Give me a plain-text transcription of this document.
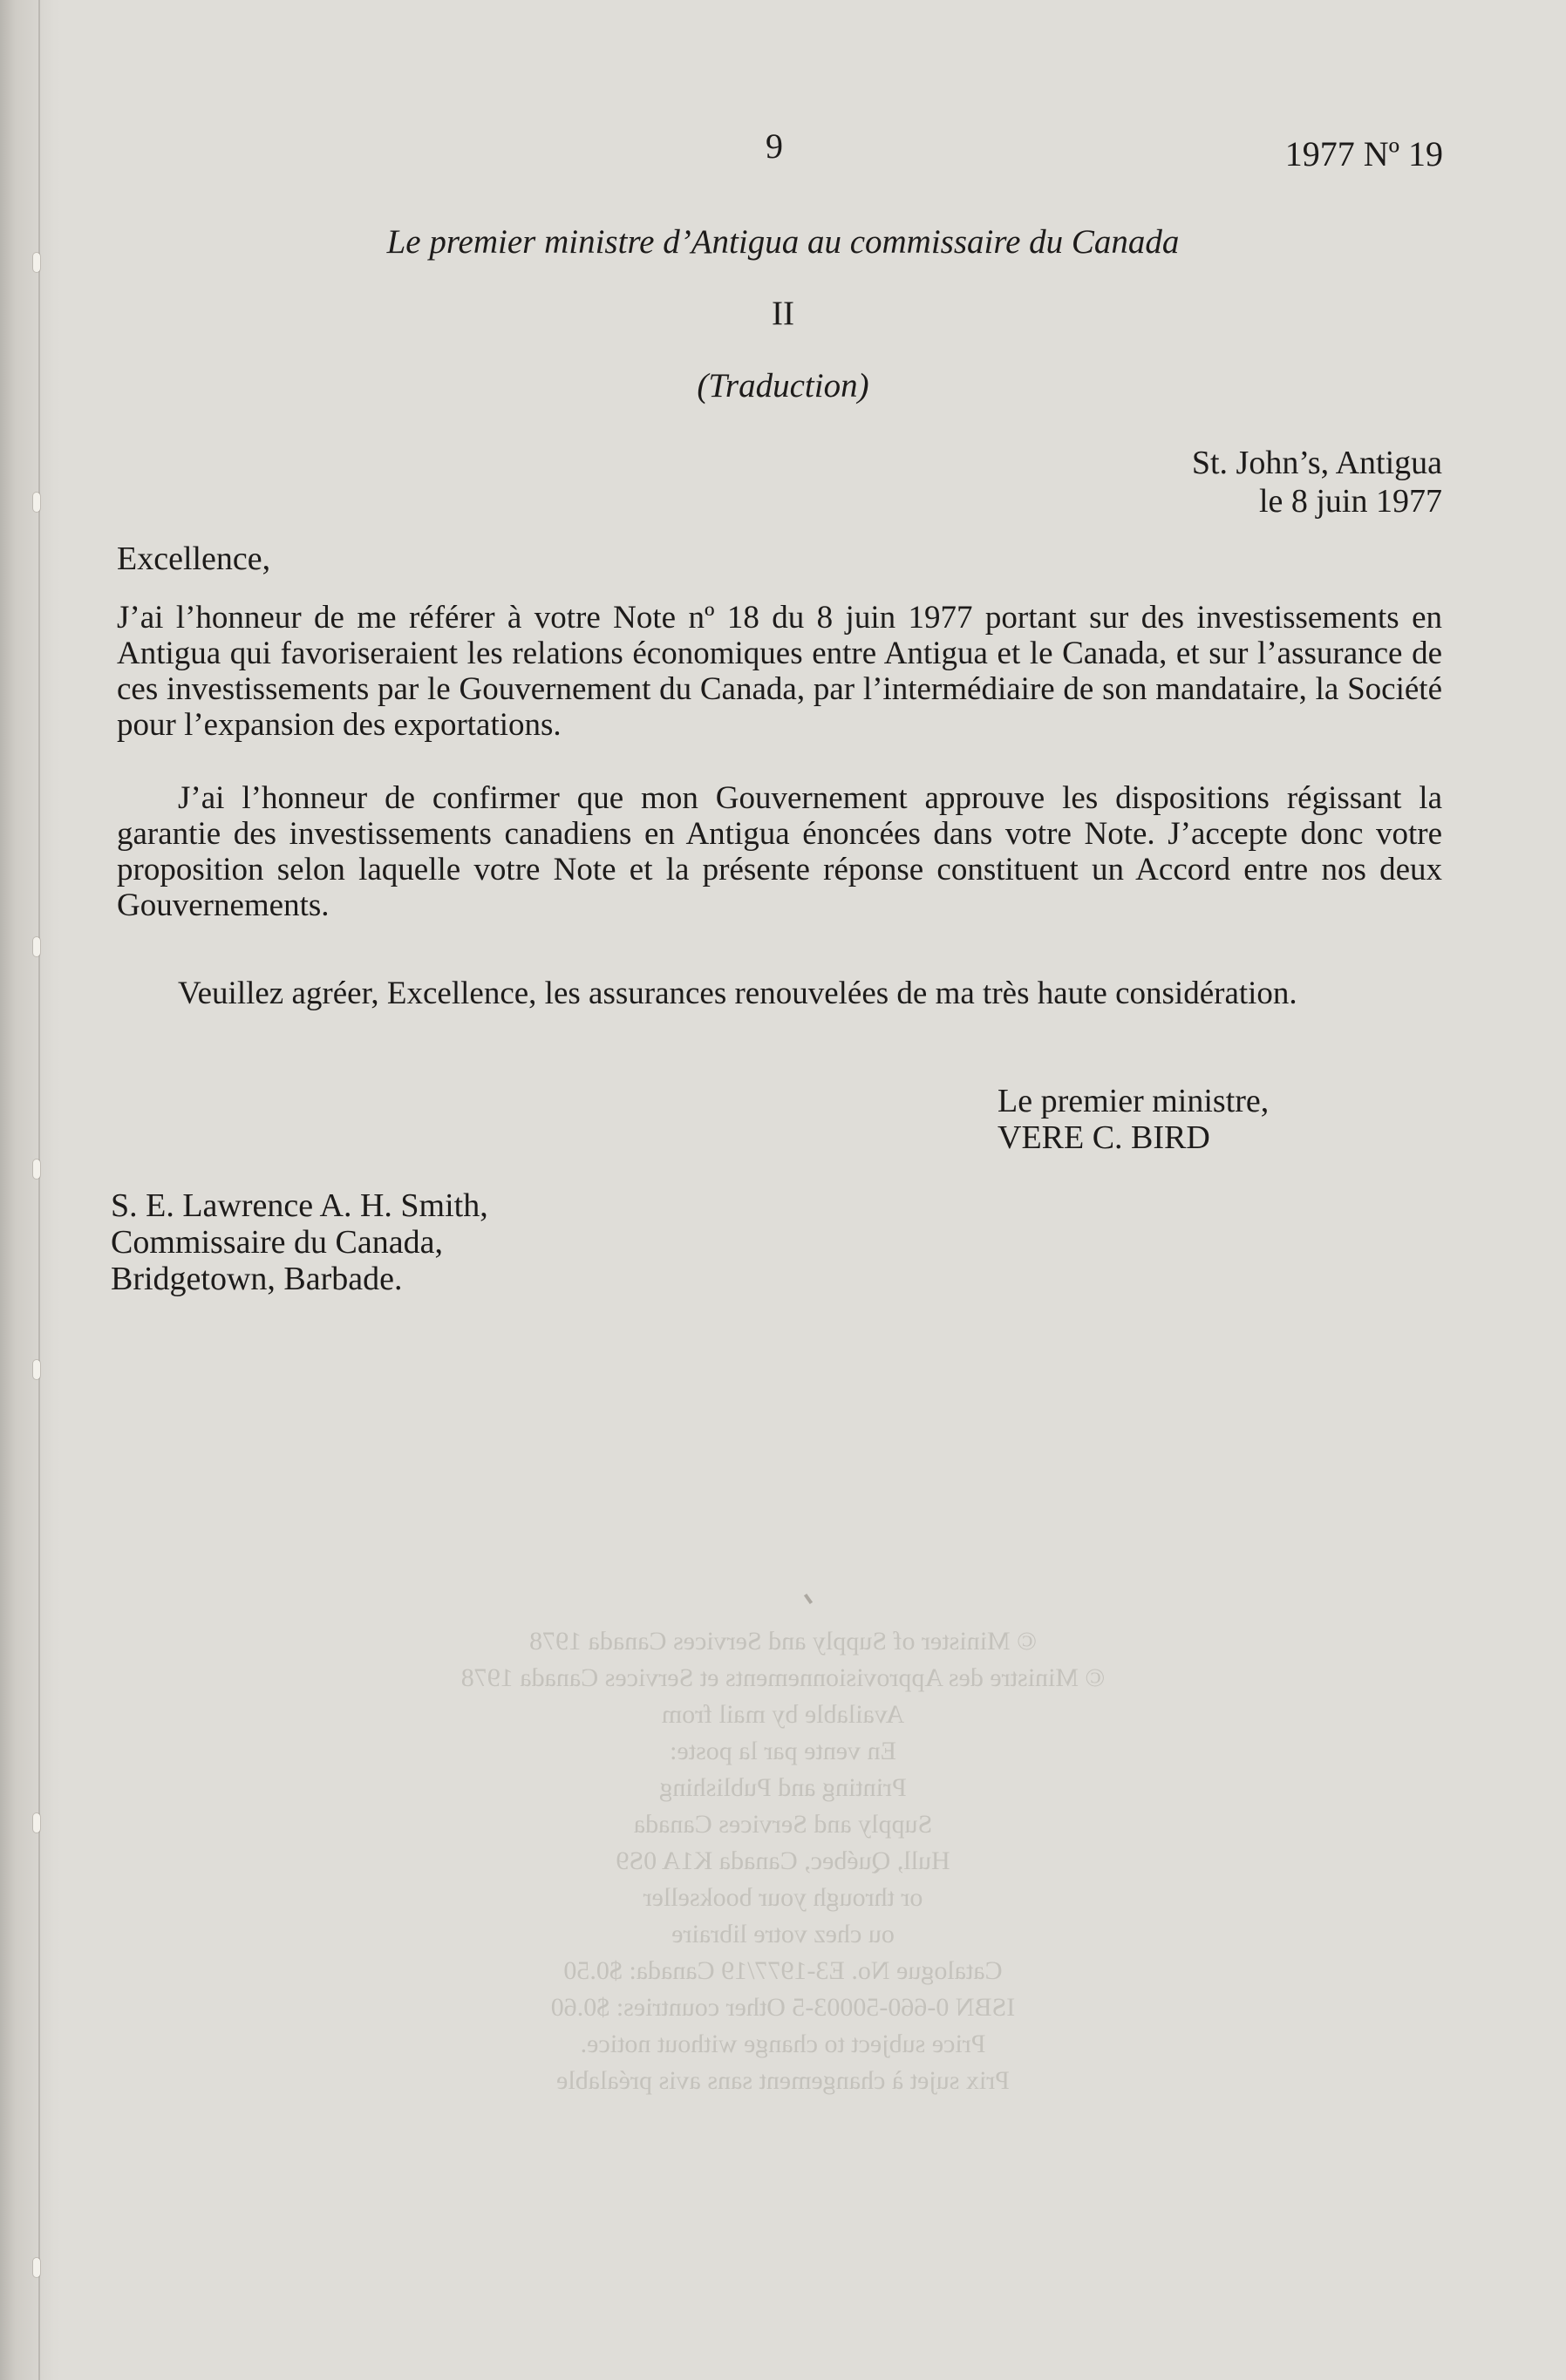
9	1977 Nº 19
Le premier ministre d’Antigua au commissaire du Canada
II
(Traduction)
St. John’s, Antigua
le 8 juin 1977
Excellence,
J’ai l’honneur de me référer à votre Note nº 18 du 8 juin 1977 portant sur des investissements en Antigua qui favoriseraient les relations économiques entre Antigua et le Canada, et sur l’assurance de ces investissements par le Gouvernement du Canada, par l’intermédiaire de son mandataire, la Société pour l’expansion des exportations.
J’ai l’honneur de confirmer que mon Gouvernement approuve les dispositions régissant la garantie des investissements canadiens en Antigua énoncées dans votre Note. J’accepte donc votre proposition selon laquelle votre Note et la présente réponse constituent un Accord entre nos deux Gouvernements.
Veuillez agréer, Excellence, les assurances renouvelées de ma très haute considération.
Le premier ministre,
VERE C. BIRD
S. E. Lawrence A. H. Smith,
Commissaire du Canada,
Bridgetown, Barbade.
© Minister of Supply and Services Canada 1978
© Ministre des Approvisionnements et Services Canada 1978
Available by mail from
En vente par la poste:
Printing and Publishing
Supply and Services Canada
Hull, Québec, Canada K1A 0S9
or through your bookseller
ou chez votre libraire
Catalogue No. E3-1977/19 Canada: $0.50
ISBN 0-660-50003-5 Other countries: $0.60
Price subject to change without notice.
Prix sujet à changement sans avis préalable
